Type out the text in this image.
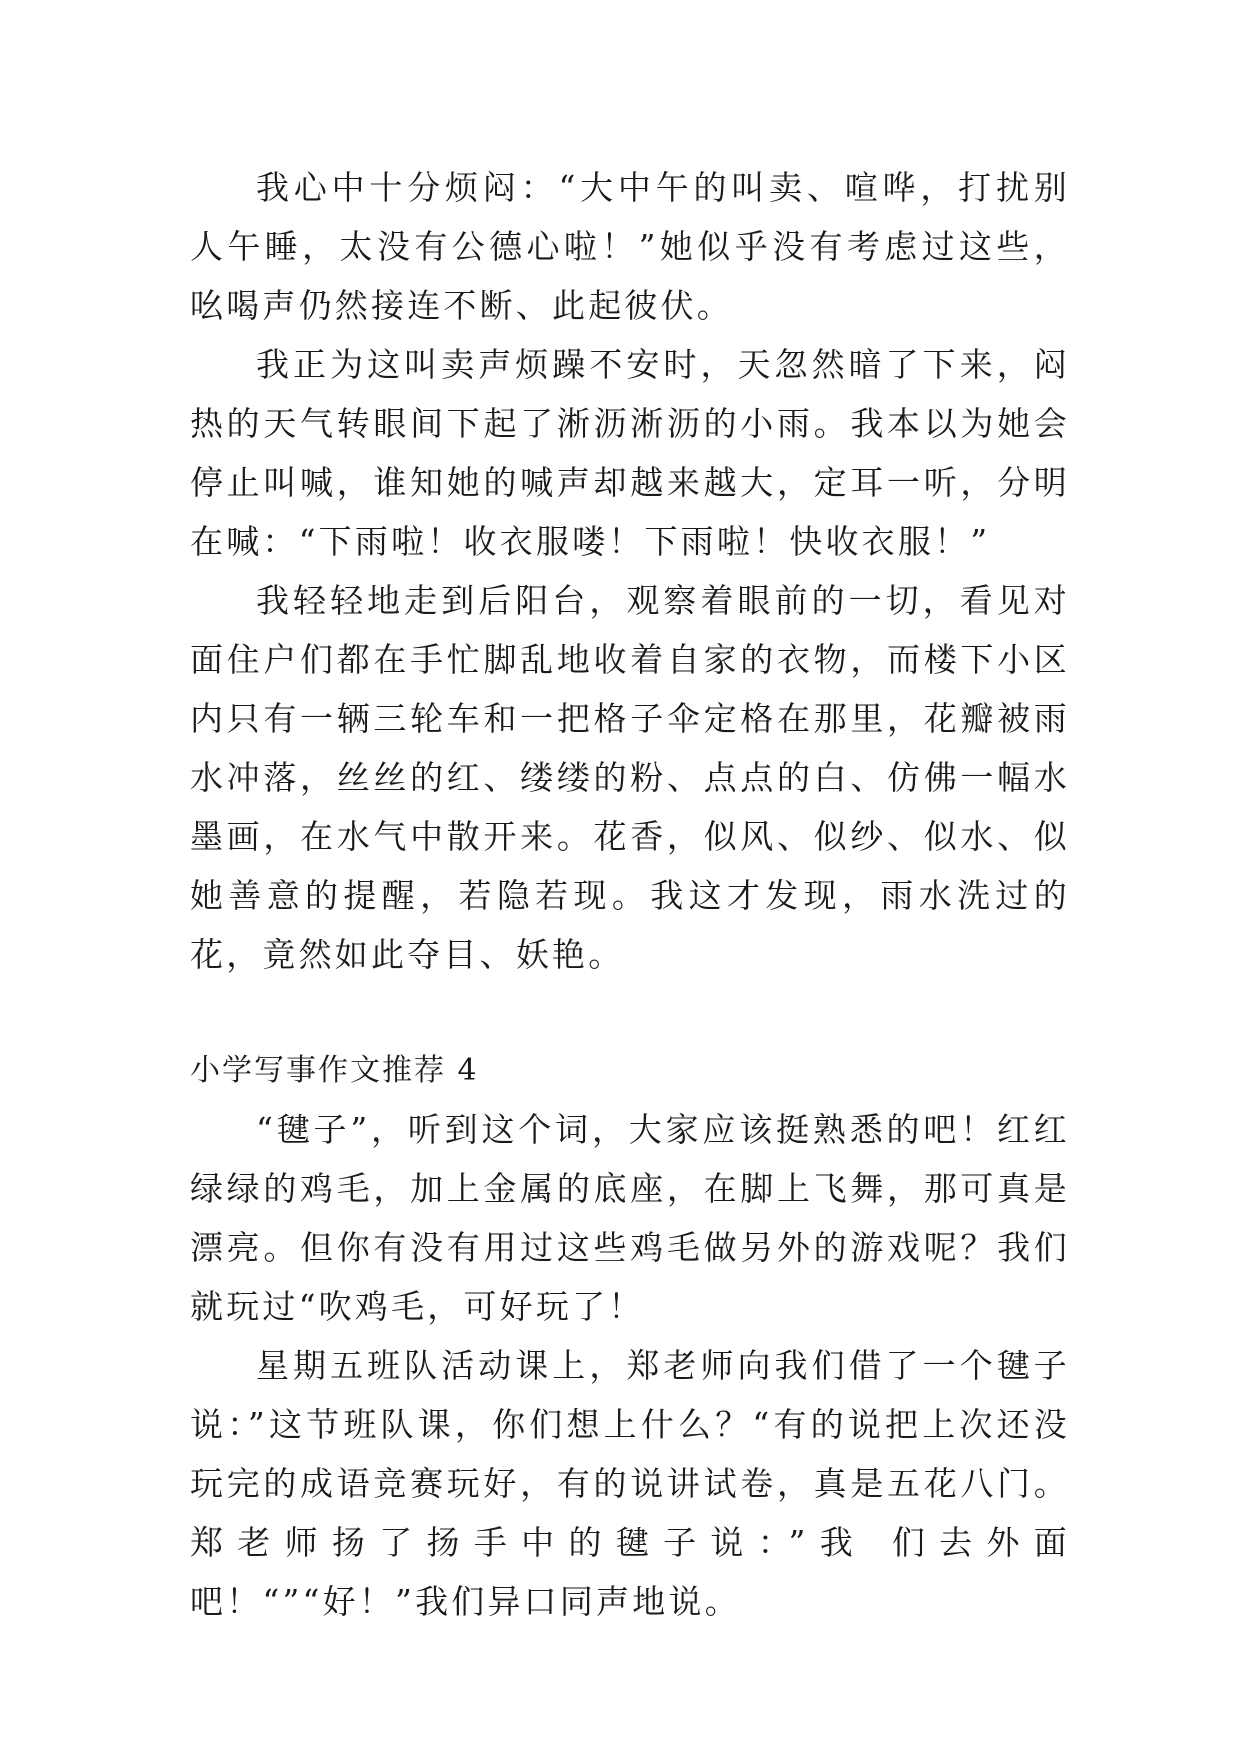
我心中十分烦闷：“大中午的叫卖、喧哗，打扰别人午睡，太没有公德心啦！”她似乎没有考虑过这些，吆喝声仍然接连不断、此起彼伏。

我正为这叫卖声烦躁不安时，天忽然暗了下来，闷热的天气转眼间下起了淅沥淅沥的小雨。我本以为她会停止叫喊，谁知她的喊声却越来越大，定耳一听，分明在喊：“下雨啦！收衣服喽！下雨啦！快收衣服！”

我轻轻地走到后阳台，观察着眼前的一切，看见对面住户们都在手忙脚乱地收着自家的衣物，而楼下小区内只有一辆三轮车和一把格子伞定格在那里，花瓣被雨水冲落，丝丝的红、缕缕的粉、点点的白、仿佛一幅水墨画，在水气中散开来。花香，似风、似纱、似水、似她善意的提醒，若隐若现。我这才发现，雨水洗过的花，竟然如此夺目、妖艳。

小学写事作文推荐 4

“毽子”，听到这个词，大家应该挺熟悉的吧！红红绿绿的鸡毛，加上金属的底座，在脚上飞舞，那可真是漂亮。但你有没有用过这些鸡毛做另外的游戏呢？我们就玩过“吹鸡毛，可好玩了！

星期五班队活动课上，郑老师向我们借了一个毽子说：”这节班队课，你们想上什么？“有的说把上次还没玩完的成语竞赛玩好，有的说讲试卷，真是五花八门。郑老师扬了扬手中的毽子说：”我 们去外面吧！“”“好！”我们异口同声地说。
